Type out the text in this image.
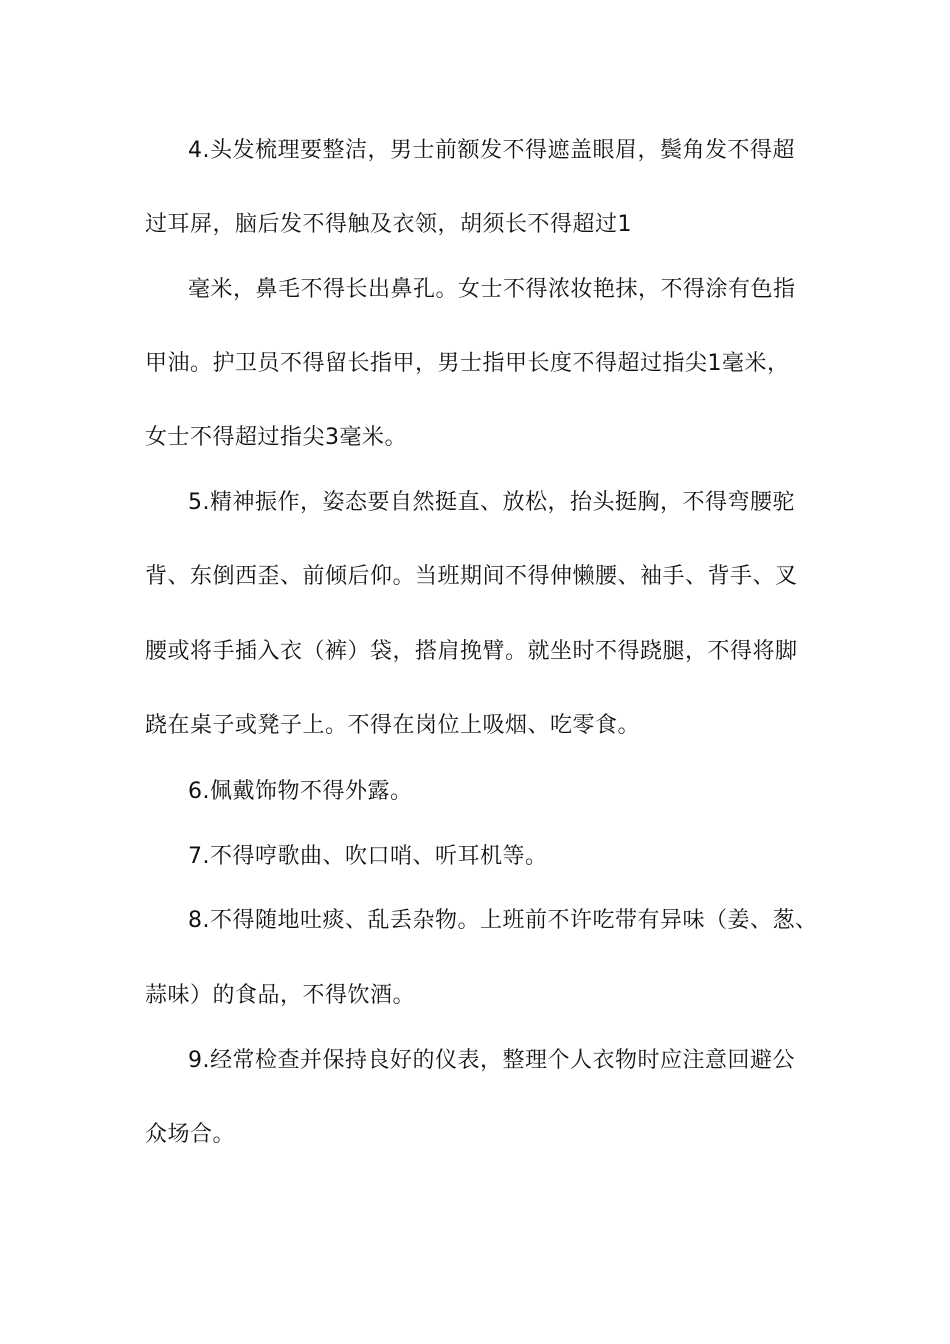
4.头发梳理要整洁，男士前额发不得遮盖眼眉，鬓角发不得超
过耳屏，脑后发不得触及衣领，胡须长不得超过1
毫米，鼻毛不得长出鼻孔。女士不得浓妆艳抹，不得涂有色指
甲油。护卫员不得留长指甲，男士指甲长度不得超过指尖1毫米，
女士不得超过指尖3毫米。
5.精神振作，姿态要自然挺直、放松，抬头挺胸，不得弯腰驼
背、东倒西歪、前倾后仰。当班期间不得伸懒腰、袖手、背手、叉
腰或将手插入衣（裤）袋，搭肩挽臂。就坐时不得跷腿，不得将脚
跷在桌子或凳子上。不得在岗位上吸烟、吃零食。
6.佩戴饰物不得外露。
7.不得哼歌曲、吹口哨、听耳机等。
8.不得随地吐痰、乱丢杂物。上班前不许吃带有异味（姜、葱、
蒜味）的食品，不得饮酒。
9.经常检查并保持良好的仪表，整理个人衣物时应注意回避公
众场合。
